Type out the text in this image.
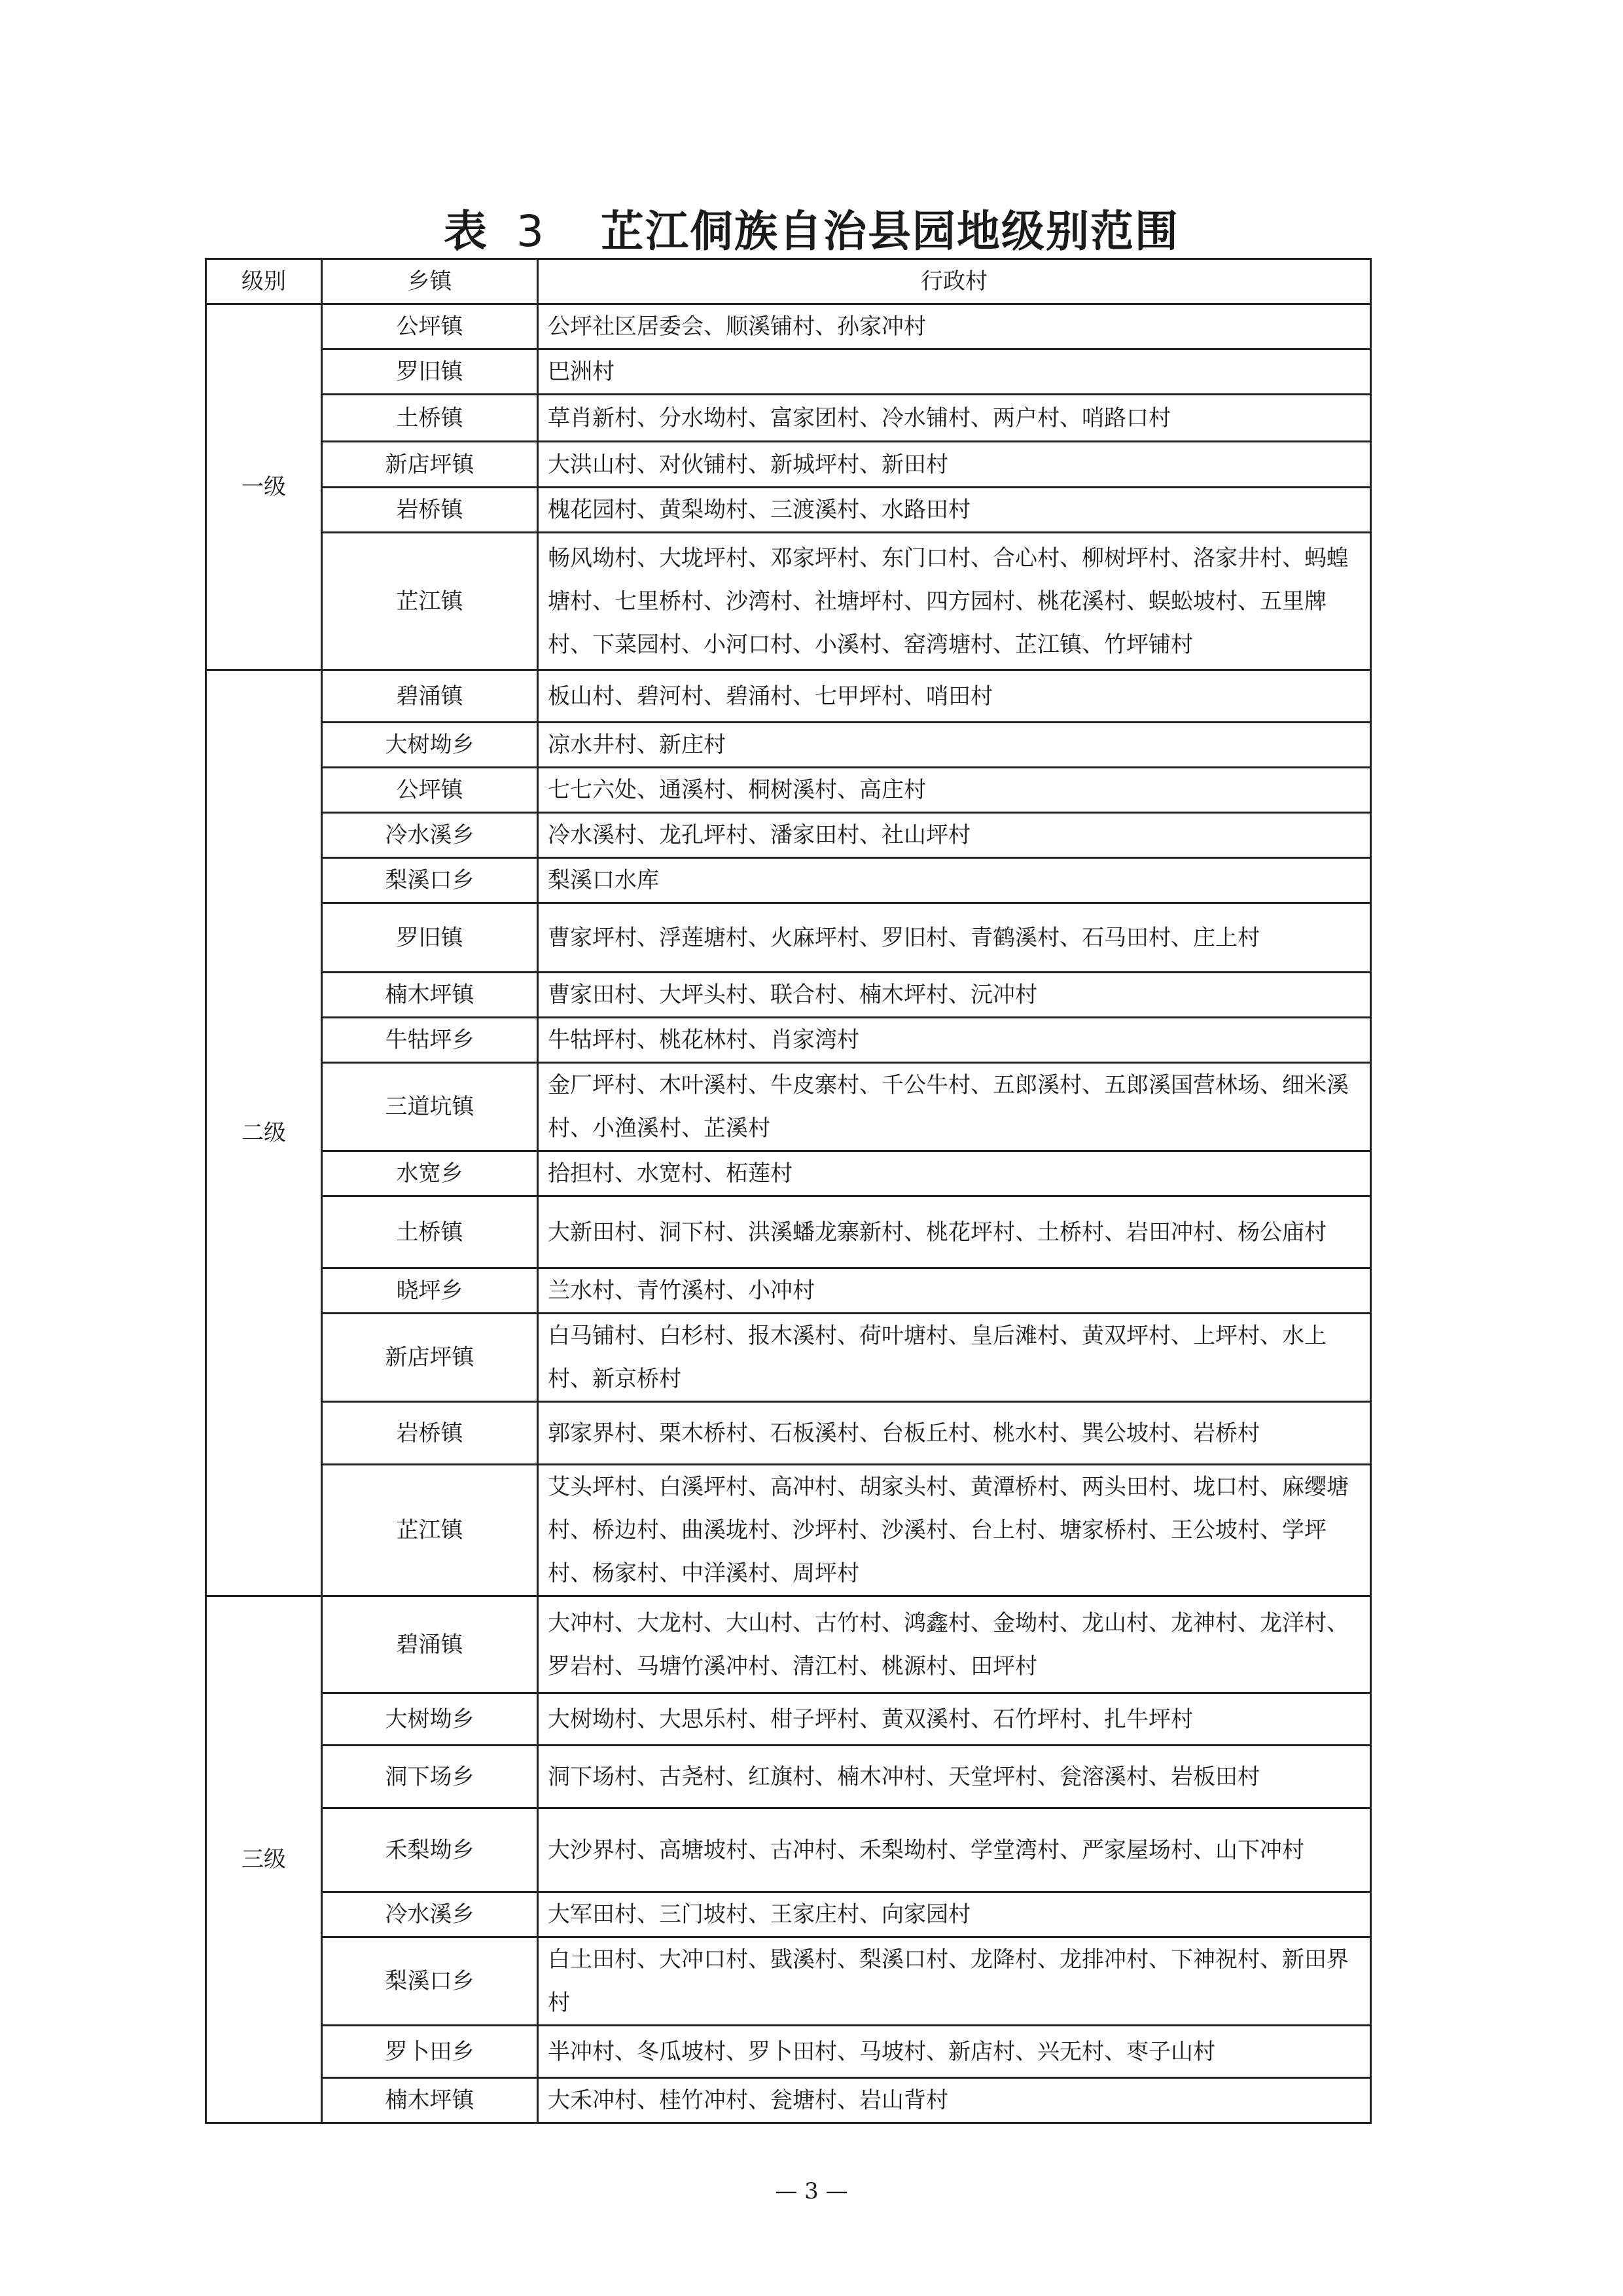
表 3 芷江侗族自治县园地级别范围
级别	乡镇	行政村
一级	公坪镇	公坪社区居委会、顺溪铺村、孙家冲村
	罗旧镇	巴洲村
	土桥镇	草肖新村、分水坳村、富家团村、冷水铺村、两户村、哨路口村
	新店坪镇	大洪山村、对伙铺村、新城坪村、新田村
	岩桥镇	槐花园村、黄梨坳村、三渡溪村、水路田村
	芷江镇	畅风坳村、大垅坪村、邓家坪村、东门口村、合心村、柳树坪村、洛家井村、蚂蝗塘村、七里桥村、沙湾村、社塘坪村、四方园村、桃花溪村、蜈蚣坡村、五里牌村、下菜园村、小河口村、小溪村、窑湾塘村、芷江镇、竹坪铺村
二级	碧涌镇	板山村、碧河村、碧涌村、七甲坪村、哨田村
	大树坳乡	凉水井村、新庄村
	公坪镇	七七六处、通溪村、桐树溪村、高庄村
	冷水溪乡	冷水溪村、龙孔坪村、潘家田村、社山坪村
	梨溪口乡	梨溪口水库
	罗旧镇	曹家坪村、浮莲塘村、火麻坪村、罗旧村、青鹤溪村、石马田村、庄上村
	楠木坪镇	曹家田村、大坪头村、联合村、楠木坪村、沅冲村
	牛牯坪乡	牛牯坪村、桃花林村、肖家湾村
	三道坑镇	金厂坪村、木叶溪村、牛皮寨村、千公牛村、五郎溪村、五郎溪国营林场、细米溪村、小渔溪村、芷溪村
	水宽乡	拾担村、水宽村、柘莲村
	土桥镇	大新田村、洞下村、洪溪蟠龙寨新村、桃花坪村、土桥村、岩田冲村、杨公庙村
	晓坪乡	兰水村、青竹溪村、小冲村
	新店坪镇	白马铺村、白杉村、报木溪村、荷叶塘村、皇后滩村、黄双坪村、上坪村、水上村、新京桥村
	岩桥镇	郭家界村、栗木桥村、石板溪村、台板丘村、桃水村、巽公坡村、岩桥村
	芷江镇	艾头坪村、白溪坪村、高冲村、胡家头村、黄潭桥村、两头田村、垅口村、麻缨塘村、桥边村、曲溪垅村、沙坪村、沙溪村、台上村、塘家桥村、王公坡村、学坪村、杨家村、中洋溪村、周坪村
三级	碧涌镇	大冲村、大龙村、大山村、古竹村、鸿鑫村、金坳村、龙山村、龙神村、龙洋村、罗岩村、马塘竹溪冲村、清江村、桃源村、田坪村
	大树坳乡	大树坳村、大思乐村、柑子坪村、黄双溪村、石竹坪村、扎牛坪村
	洞下场乡	洞下场村、古尧村、红旗村、楠木冲村、天堂坪村、瓮溶溪村、岩板田村
	禾梨坳乡	大沙界村、高塘坡村、古冲村、禾梨坳村、学堂湾村、严家屋场村、山下冲村
	冷水溪乡	大军田村、三门坡村、王家庄村、向家园村
	梨溪口乡	白土田村、大冲口村、戥溪村、梨溪口村、龙降村、龙排冲村、下神祝村、新田界村
	罗卜田乡	半冲村、冬瓜坡村、罗卜田村、马坡村、新店村、兴无村、枣子山村
	楠木坪镇	大禾冲村、桂竹冲村、瓮塘村、岩山背村
— 3 —
